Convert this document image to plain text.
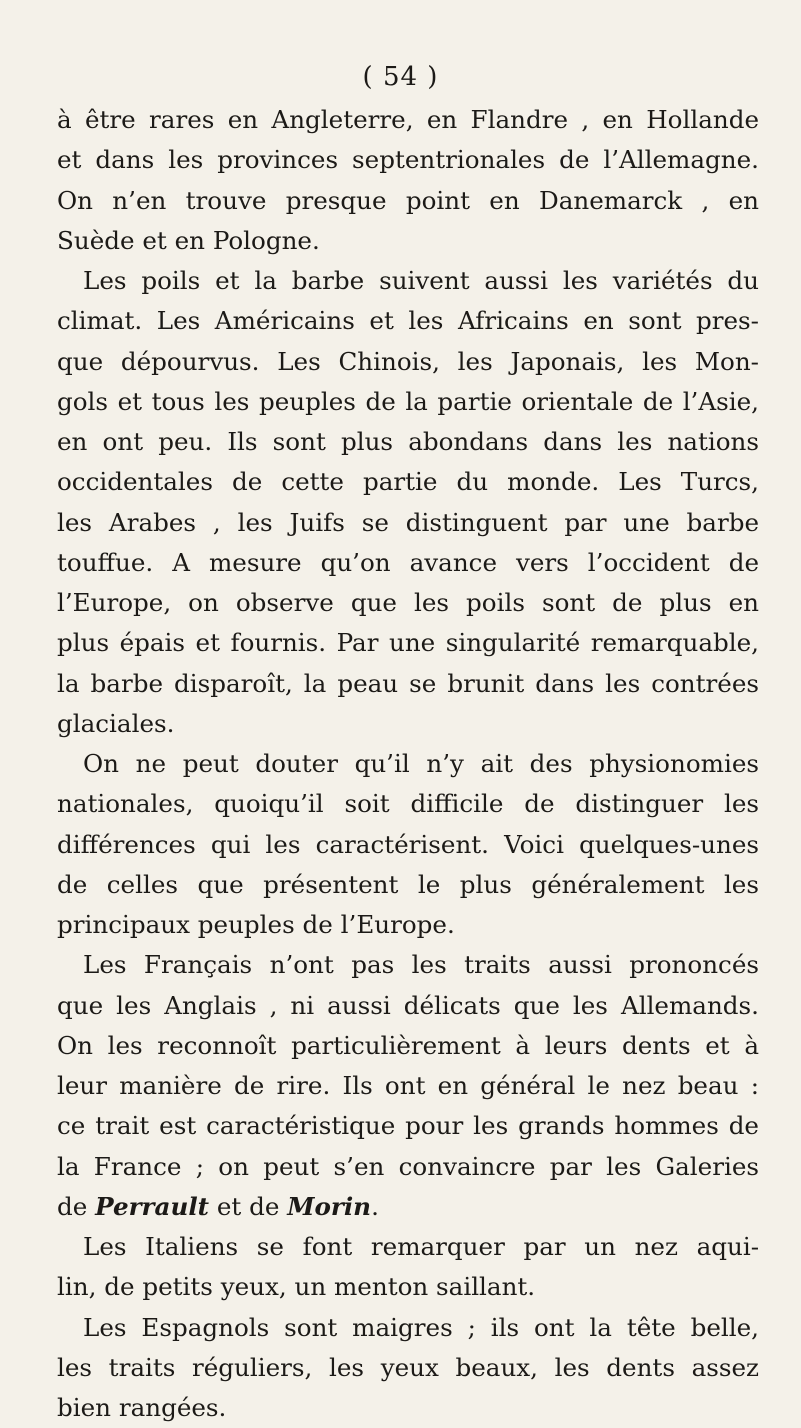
( 54 )
à être rares en Angleterre, en Flandre , en Hollande
et dans les provinces septentrionales de l’Allemagne.
On n’en trouve presque point en Danemarck , en
Suède et en Pologne.
Les poils et la barbe suivent aussi les variétés du
climat. Les Américains et les Africains en sont pres-
que dépourvus. Les Chinois, les Japonais, les Mon-
gols et tous les peuples de la partie orientale de l’Asie,
en ont peu. Ils sont plus abondans dans les nations
occidentales de cette partie du monde. Les Turcs,
les Arabes , les Juifs se distinguent par une barbe
touffue. A mesure qu’on avance vers l’occident de
l’Europe, on observe que les poils sont de plus en
plus épais et fournis. Par une singularité remarquable,
la barbe disparoît, la peau se brunit dans les contrées
glaciales.
On ne peut douter qu’il n’y ait des physionomies
nationales, quoiqu’il soit difficile de distinguer les
différences qui les caractérisent. Voici quelques-unes
de celles que présentent le plus généralement les
principaux peuples de l’Europe.
Les Français n’ont pas les traits aussi prononcés
que les Anglais , ni aussi délicats que les Allemands.
On les reconnoît particulièrement à leurs dents et à
leur manière de rire. Ils ont en général le nez beau :
ce trait est caractéristique pour les grands hommes de
la France ; on peut s’en convaincre par les Galeries
de Perrault et de Morin.
Les Italiens se font remarquer par un nez aqui-
lin, de petits yeux, un menton saillant.
Les Espagnols sont maigres ; ils ont la tête belle,
les traits réguliers, les yeux beaux, les dents assez
bien rangées.
